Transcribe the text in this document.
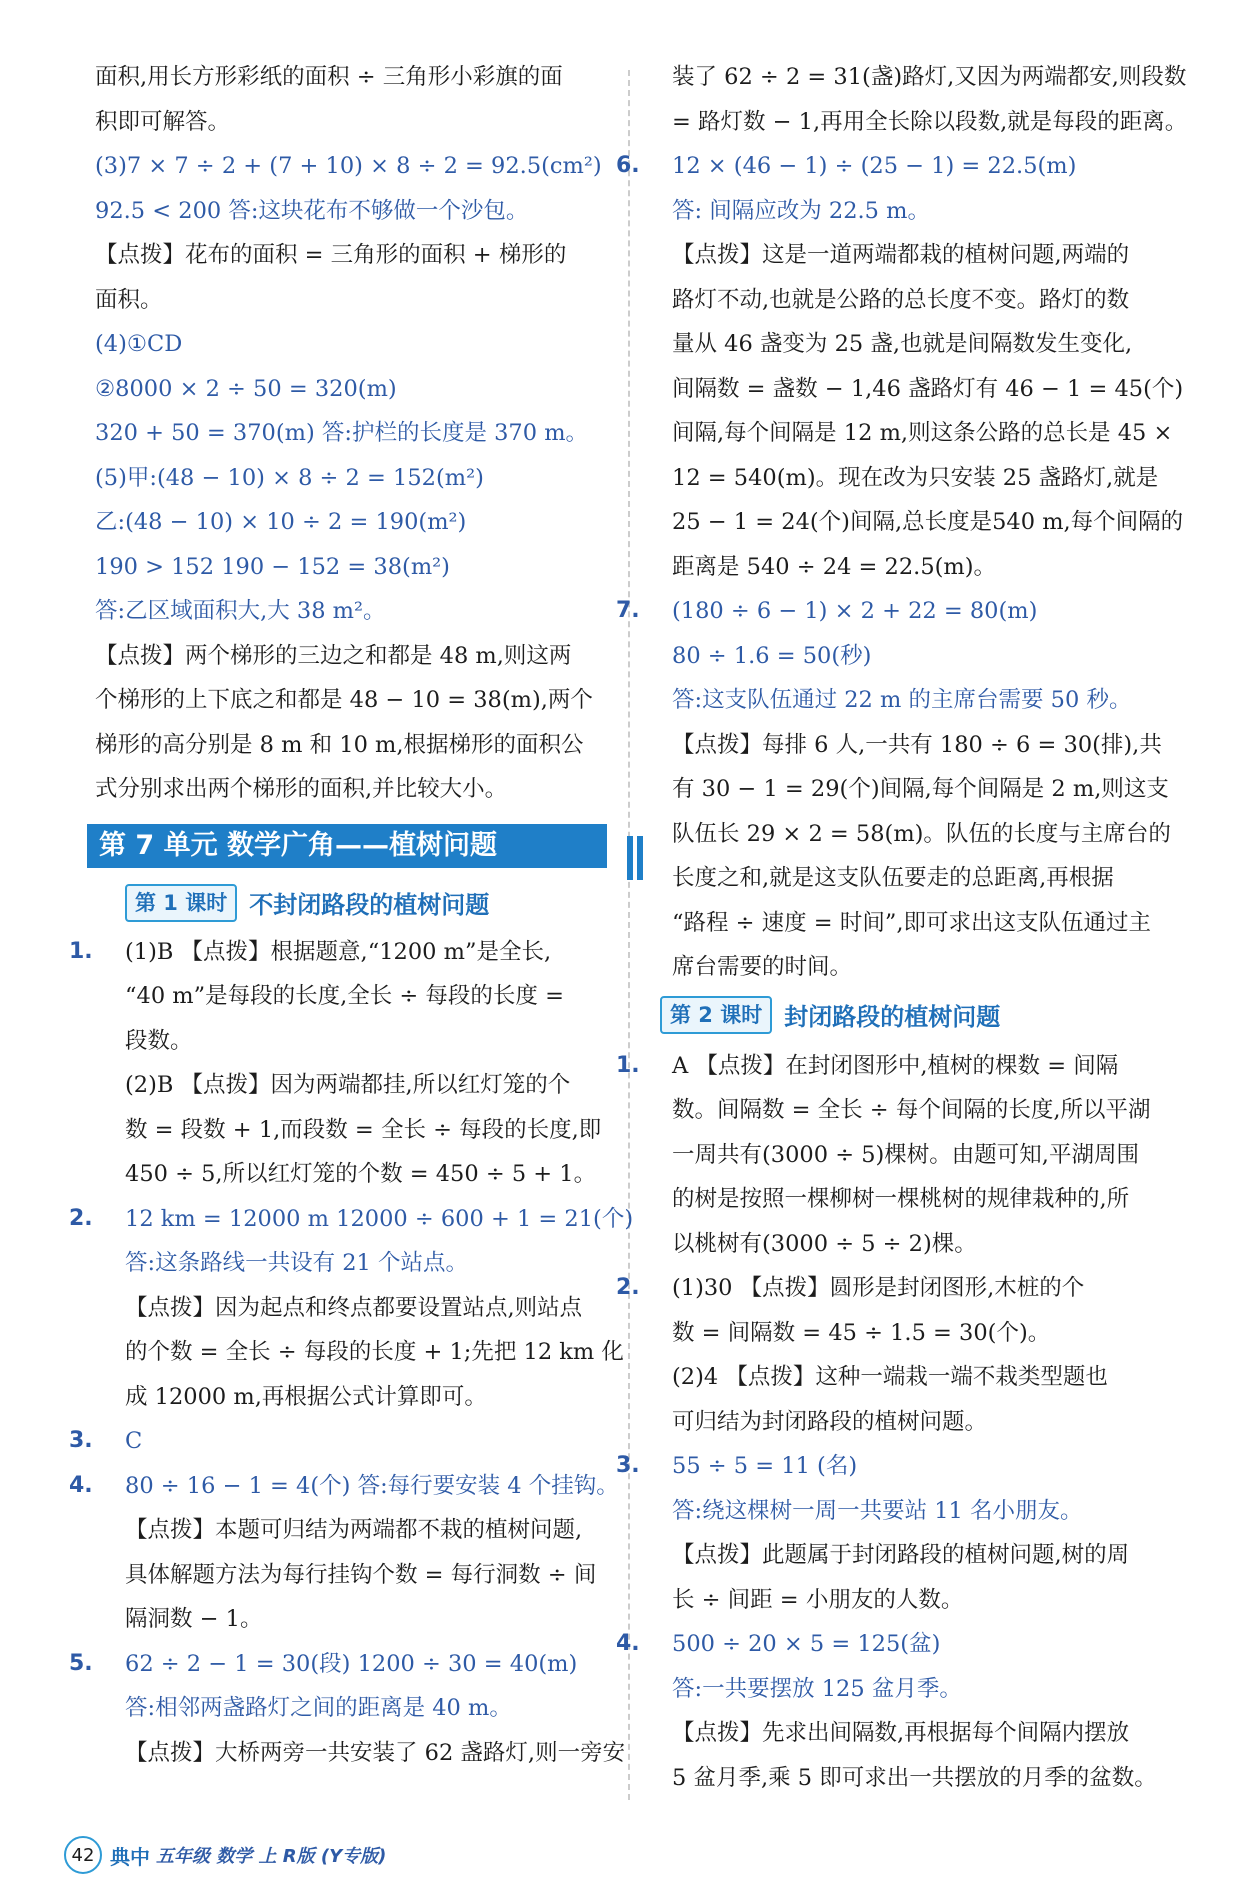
面积,用长方形彩纸的面积 ÷ 三角形小彩旗的面
积即可解答。
(3)7 × 7 ÷ 2 + (7 + 10) × 8 ÷ 2 = 92.5(cm²)
92.5 < 200 答:这块花布不够做一个沙包。
【点拨】花布的面积 = 三角形的面积 + 梯形的
面积。
(4)①CD
②8000 × 2 ÷ 50 = 320(m)
320 + 50 = 370(m) 答:护栏的长度是 370 m。
(5)甲:(48 − 10) × 8 ÷ 2 = 152(m²)
乙:(48 − 10) × 10 ÷ 2 = 190(m²)
190 > 152 190 − 152 = 38(m²)
答:乙区域面积大,大 38 m²。
【点拨】两个梯形的三边之和都是 48 m,则这两
个梯形的上下底之和都是 48 − 10 = 38(m),两个
梯形的高分别是 8 m 和 10 m,根据梯形的面积公
式分别求出两个梯形的面积,并比较大小。
第 7 单元 数学广角——植树问题
第 1 课时 不封闭路段的植树问题
1. (1)B 【点拨】根据题意,“1200 m”是全长,
“40 m”是每段的长度,全长 ÷ 每段的长度 =
段数。
(2)B 【点拨】因为两端都挂,所以红灯笼的个
数 = 段数 + 1,而段数 = 全长 ÷ 每段的长度,即
450 ÷ 5,所以红灯笼的个数 = 450 ÷ 5 + 1。
2. 12 km = 12000 m 12000 ÷ 600 + 1 = 21(个)
答:这条路线一共设有 21 个站点。
【点拨】因为起点和终点都要设置站点,则站点
的个数 = 全长 ÷ 每段的长度 + 1;先把 12 km 化
成 12000 m,再根据公式计算即可。
3. C
4. 80 ÷ 16 − 1 = 4(个) 答:每行要安装 4 个挂钩。
【点拨】本题可归结为两端都不栽的植树问题,
具体解题方法为每行挂钩个数 = 每行洞数 ÷ 间
隔洞数 − 1。
5. 62 ÷ 2 − 1 = 30(段) 1200 ÷ 30 = 40(m)
答:相邻两盏路灯之间的距离是 40 m。
【点拨】大桥两旁一共安装了 62 盏路灯,则一旁安
装了 62 ÷ 2 = 31(盏)路灯,又因为两端都安,则段数
= 路灯数 − 1,再用全长除以段数,就是每段的距离。
6. 12 × (46 − 1) ÷ (25 − 1) = 22.5(m)
答: 间隔应改为 22.5 m。
【点拨】这是一道两端都栽的植树问题,两端的
路灯不动,也就是公路的总长度不变。路灯的数
量从 46 盏变为 25 盏,也就是间隔数发生变化,
间隔数 = 盏数 − 1,46 盏路灯有 46 − 1 = 45(个)
间隔,每个间隔是 12 m,则这条公路的总长是 45 ×
12 = 540(m)。现在改为只安装 25 盏路灯,就是
25 − 1 = 24(个)间隔,总长度是540 m,每个间隔的
距离是 540 ÷ 24 = 22.5(m)。
7. (180 ÷ 6 − 1) × 2 + 22 = 80(m)
80 ÷ 1.6 = 50(秒)
答:这支队伍通过 22 m 的主席台需要 50 秒。
【点拨】每排 6 人,一共有 180 ÷ 6 = 30(排),共
有 30 − 1 = 29(个)间隔,每个间隔是 2 m,则这支
队伍长 29 × 2 = 58(m)。队伍的长度与主席台的
长度之和,就是这支队伍要走的总距离,再根据
“路程 ÷ 速度 = 时间”,即可求出这支队伍通过主
席台需要的时间。
第 2 课时 封闭路段的植树问题
1. A 【点拨】在封闭图形中,植树的棵数 = 间隔
数。间隔数 = 全长 ÷ 每个间隔的长度,所以平湖
一周共有(3000 ÷ 5)棵树。由题可知,平湖周围
的树是按照一棵柳树一棵桃树的规律栽种的,所
以桃树有(3000 ÷ 5 ÷ 2)棵。
2. (1)30 【点拨】圆形是封闭图形,木桩的个
数 = 间隔数 = 45 ÷ 1.5 = 30(个)。
(2)4 【点拨】这种一端栽一端不栽类型题也
可归结为封闭路段的植树问题。
3. 55 ÷ 5 = 11 (名)
答:绕这棵树一周一共要站 11 名小朋友。
【点拨】此题属于封闭路段的植树问题,树的周
长 ÷ 间距 = 小朋友的人数。
4. 500 ÷ 20 × 5 = 125(盆)
答:一共要摆放 125 盆月季。
【点拨】先求出间隔数,再根据每个间隔内摆放
5 盆月季,乘 5 即可求出一共摆放的月季的盆数。
42 典中 五年级 数学 上 R版 (Y专版)
